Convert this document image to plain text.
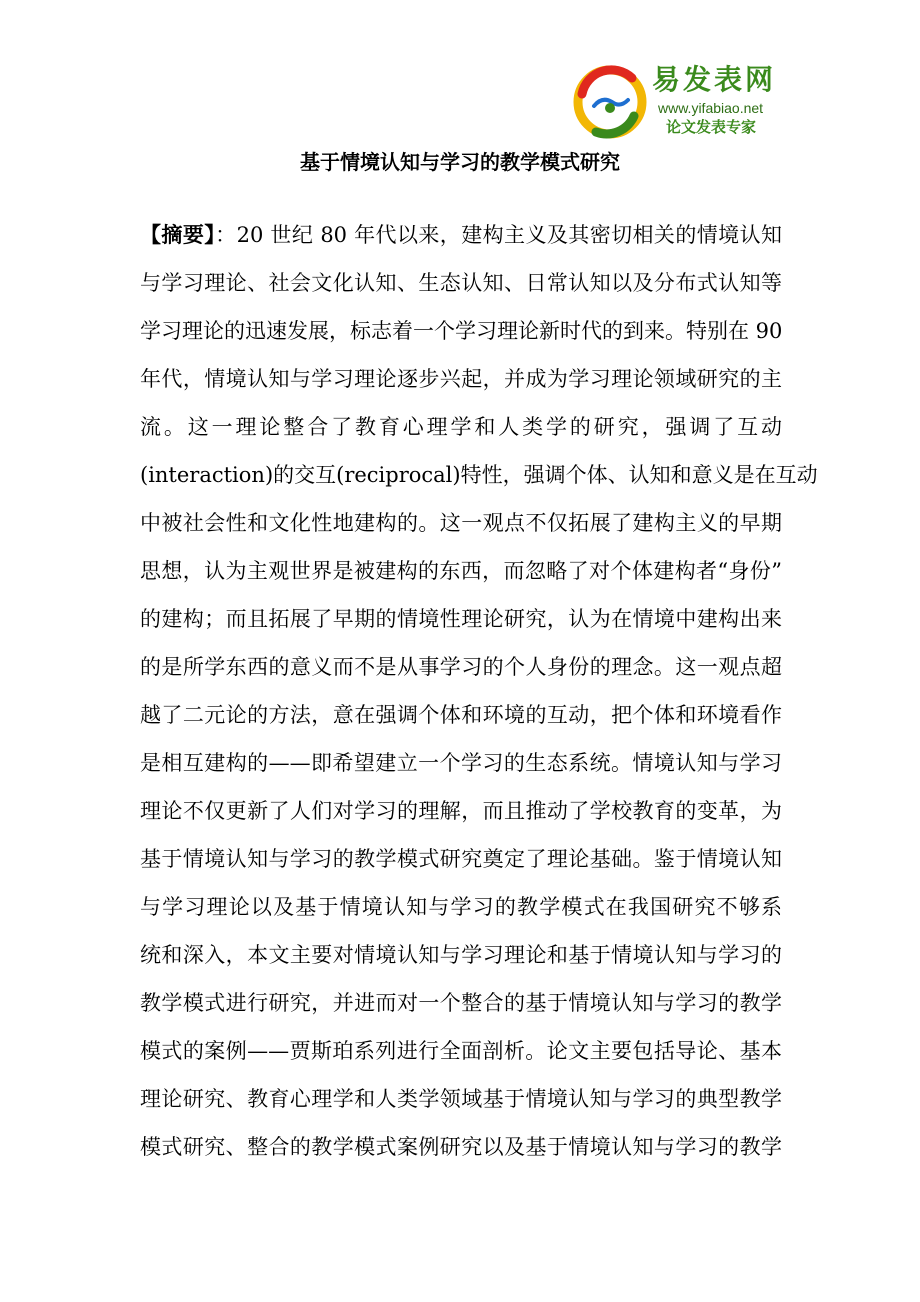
易发表网
www.yifabiao.net
论文发表专家
基于情境认知与学习的教学模式研究
【摘要】：20 世纪 80 年代以来，建构主义及其密切相关的情境认知
与学习理论、社会文化认知、生态认知、日常认知以及分布式认知等
学习理论的迅速发展，标志着一个学习理论新时代的到来。特别在 90
年代，情境认知与学习理论逐步兴起，并成为学习理论领域研究的主
流。这一理论整合了教育心理学和人类学的研究，强调了互动
(interaction)的交互(reciprocal)特性，强调个体、认知和意义是在互动
中被社会性和文化性地建构的。这一观点不仅拓展了建构主义的早期
思想，认为主观世界是被建构的东西，而忽略了对个体建构者“身份”
的建构；而且拓展了早期的情境性理论研究，认为在情境中建构出来
的是所学东西的意义而不是从事学习的个人身份的理念。这一观点超
越了二元论的方法，意在强调个体和环境的互动，把个体和环境看作
是相互建构的——即希望建立一个学习的生态系统。情境认知与学习
理论不仅更新了人们对学习的理解，而且推动了学校教育的变革，为
基于情境认知与学习的教学模式研究奠定了理论基础。鉴于情境认知
与学习理论以及基于情境认知与学习的教学模式在我国研究不够系
统和深入，本文主要对情境认知与学习理论和基于情境认知与学习的
教学模式进行研究，并进而对一个整合的基于情境认知与学习的教学
模式的案例——贾斯珀系列进行全面剖析。论文主要包括导论、基本
理论研究、教育心理学和人类学领域基于情境认知与学习的典型教学
模式研究、整合的教学模式案例研究以及基于情境认知与学习的教学
